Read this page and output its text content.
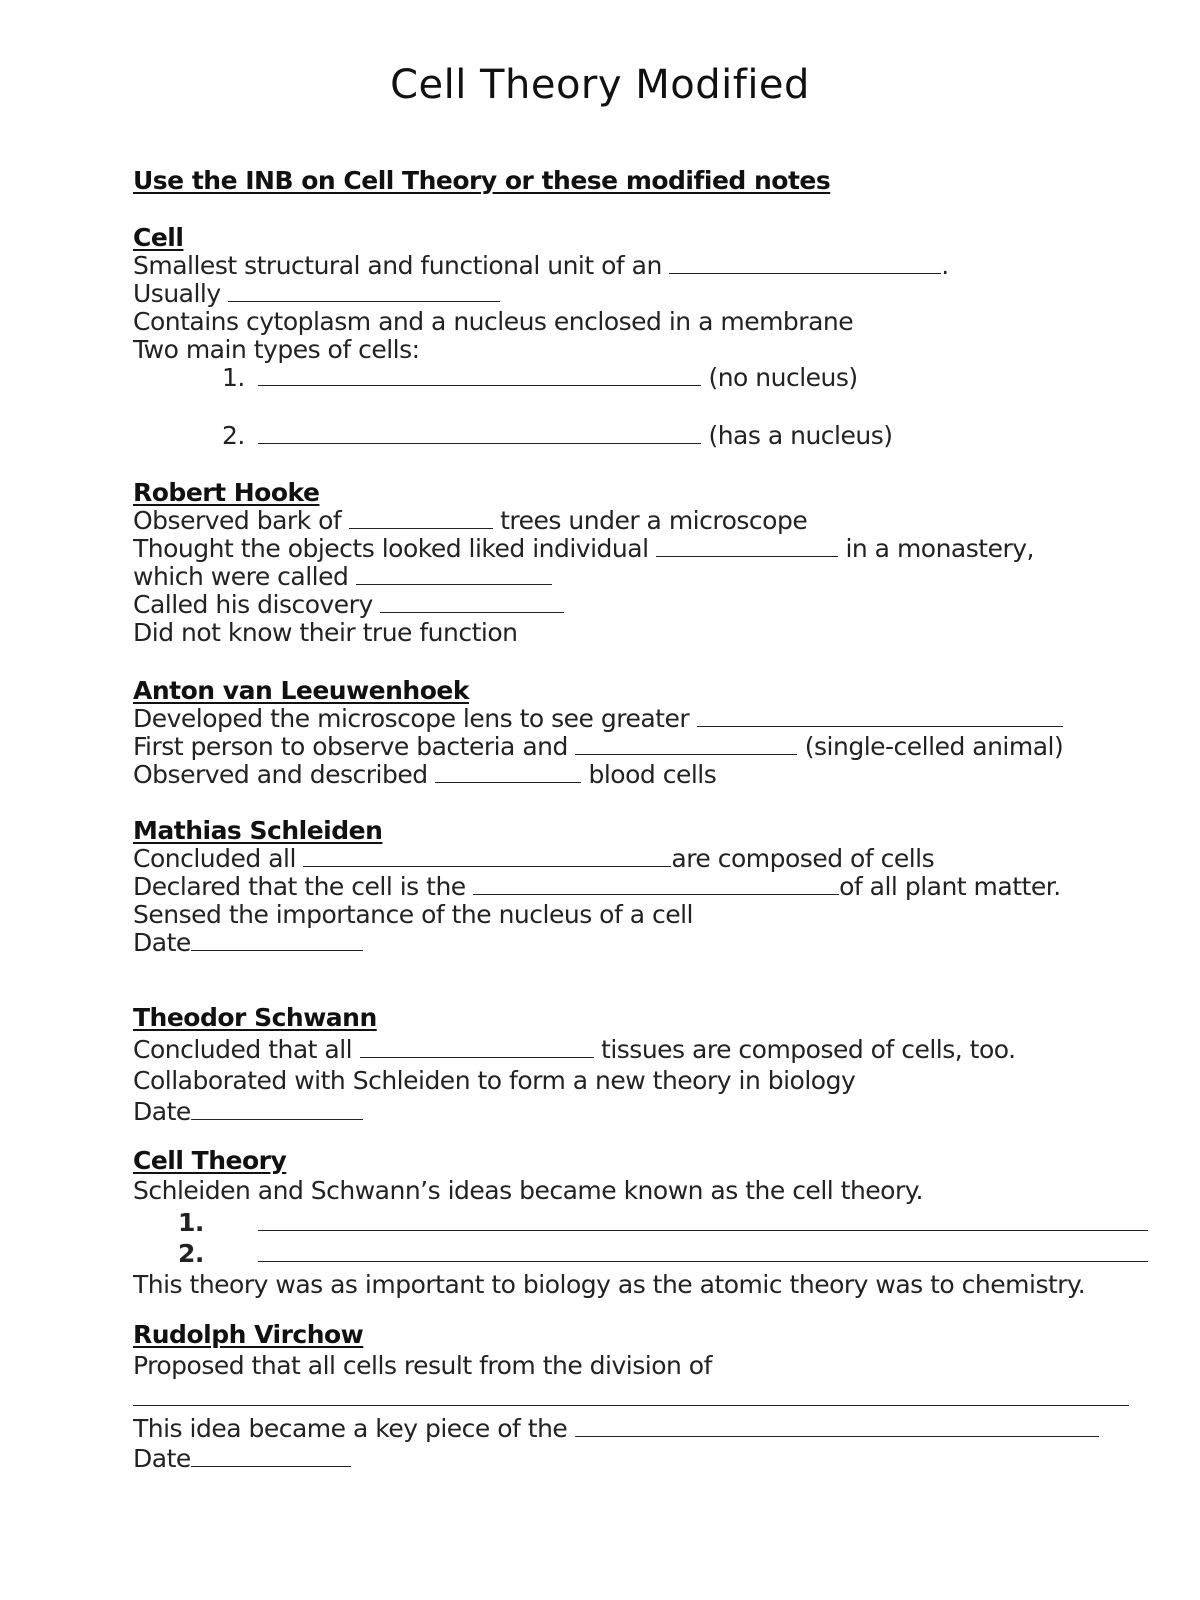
Cell Theory Modified
Use the INB on Cell Theory or these modified notes
Cell
Smallest structural and functional unit of an	.
Usually
Contains cytoplasm and a nucleus enclosed in a membrane
Two main types of cells:
1.	(no nucleus)
2.	(has a nucleus)
Robert Hooke
Observed bark of	trees under a microscope
Thought the objects looked liked individual	in a monastery,
which were called
Called his discovery
Did not know their true function
Anton van Leeuwenhoek
Developed the microscope lens to see greater
First person to observe bacteria and	(single-celled animal)
Observed and described	blood cells
Mathias Schleiden
Concluded all	are composed of cells
Declared that the cell is the	of all plant matter.
Sensed the importance of the nucleus of a cell
Date
Theodor Schwann
Concluded that all	tissues are composed of cells, too.
Collaborated with Schleiden to form a new theory in biology
Date
Cell Theory
Schleiden and Schwann’s ideas became known as the cell theory.
1.
2.
This theory was as important to biology as the atomic theory was to chemistry.
Rudolph Virchow
Proposed that all cells result from the division of
This idea became a key piece of the
Date
